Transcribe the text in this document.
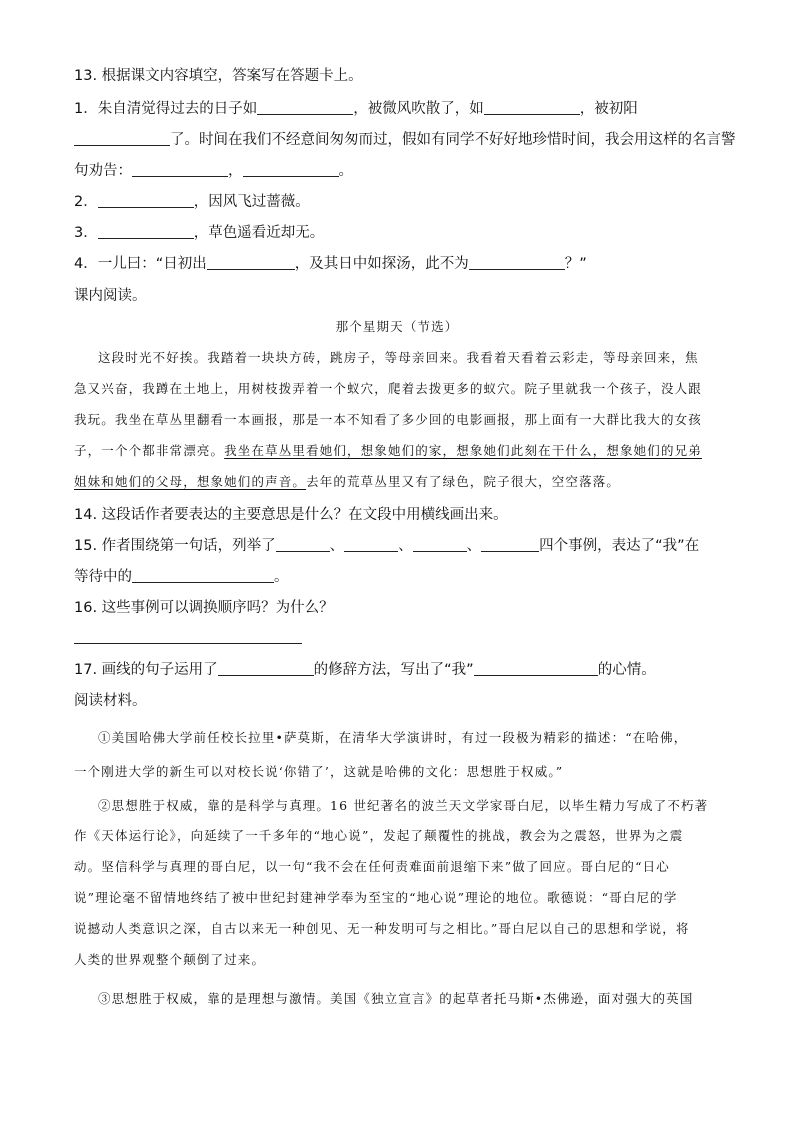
13. 根据课文内容填空，答案写在答题卡上。
1．朱自清觉得过去的日子如	，被微风吹散了，如	，被初阳
了。时间在我们不经意间匆匆而过，假如有同学不好好地珍惜时间，我会用这样的名言警
句劝告：	，	。
2．	，因风飞过蔷薇。
3．	，草色遥看近却无。
4．一儿曰：“日初出	，及其日中如探汤，此不为	？”
课内阅读。
那个星期天（节选）
这段时光不好挨。我踏着一块块方砖，跳房子，等母亲回来。我看着天看着云彩走，等母亲回来，焦
急又兴奋，我蹲在土地上，用树枝拨弄着一个蚁穴，爬着去拨更多的蚁穴。院子里就我一个孩子，没人跟
我玩。我坐在草丛里翻看一本画报，那是一本不知看了多少回的电影画报，那上面有一大群比我大的女孩
子，一个个都非常漂亮。我坐在草丛里看她们，想象她们的家，想象她们此刻在干什么，想象她们的兄弟
姐妹和她们的父母，想象她们的声音。去年的荒草丛里又有了绿色，院子很大，空空落落。
14. 这段话作者要表达的主要意思是什么？在文段中用横线画出来。
15. 作者围绕第一句话，列举了	、	、	、	四个事例，表达了“我”在
等待中的	。
16. 这些事例可以调换顺序吗？为什么？
17. 画线的句子运用了	的修辞方法，写出了“我”	的心情。
阅读材料。
①美国哈佛大学前任校长拉里•萨莫斯，在清华大学演讲时，有过一段极为精彩的描述：“在哈佛，
一个刚进大学的新生可以对校长说‘你错了’，这就是哈佛的文化：思想胜于权威。”
②思想胜于权威，靠的是科学与真理。16 世纪著名的波兰天文学家哥白尼，以毕生精力写成了不朽著
作《天体运行论》，向延续了一千多年的“地心说”，发起了颠覆性的挑战，教会为之震怒，世界为之震
动。坚信科学与真理的哥白尼，以一句“我不会在任何责难面前退缩下来”做了回应。哥白尼的“日心
说”理论毫不留情地终结了被中世纪封建神学奉为至宝的“地心说”理论的地位。歌德说：“哥白尼的学
说撼动人类意识之深，自古以来无一种创见、无一种发明可与之相比。”哥白尼以自己的思想和学说，将
人类的世界观整个颠倒了过来。
③思想胜于权威，靠的是理想与激情。美国《独立宣言》的起草者托马斯•杰佛逊，面对强大的英国
